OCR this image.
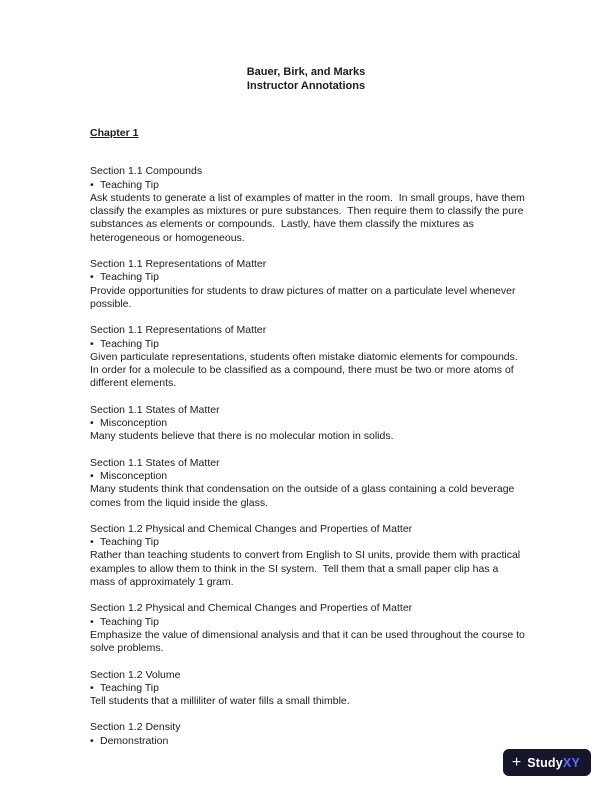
Bauer, Birk, and Marks
Instructor Annotations
Chapter 1
Section 1.1 Compounds
• Teaching Tip
Ask students to generate a list of examples of matter in the room.  In small groups, have them classify the examples as mixtures or pure substances.  Then require them to classify the pure substances as elements or compounds.  Lastly, have them classify the mixtures as heterogeneous or homogeneous.
Section 1.1 Representations of Matter
• Teaching Tip
Provide opportunities for students to draw pictures of matter on a particulate level whenever possible.
Section 1.1 Representations of Matter
• Teaching Tip
Given particulate representations, students often mistake diatomic elements for compounds.  In order for a molecule to be classified as a compound, there must be two or more atoms of different elements.
Section 1.1 States of Matter
• Misconception
Many students believe that there is no molecular motion in solids.
Section 1.1 States of Matter
• Misconception
Many students think that condensation on the outside of a glass containing a cold beverage comes from the liquid inside the glass.
Section 1.2 Physical and Chemical Changes and Properties of Matter
• Teaching Tip
Rather than teaching students to convert from English to SI units, provide them with practical examples to allow them to think in the SI system.  Tell them that a small paper clip has a mass of approximately 1 gram.
Section 1.2 Physical and Chemical Changes and Properties of Matter
• Teaching Tip
Emphasize the value of dimensional analysis and that it can be used throughout the course to solve problems.
Section 1.2 Volume
• Teaching Tip
Tell students that a milliliter of water fills a small thimble.
Section 1.2 Density
• Demonstration
+ StudyXY
